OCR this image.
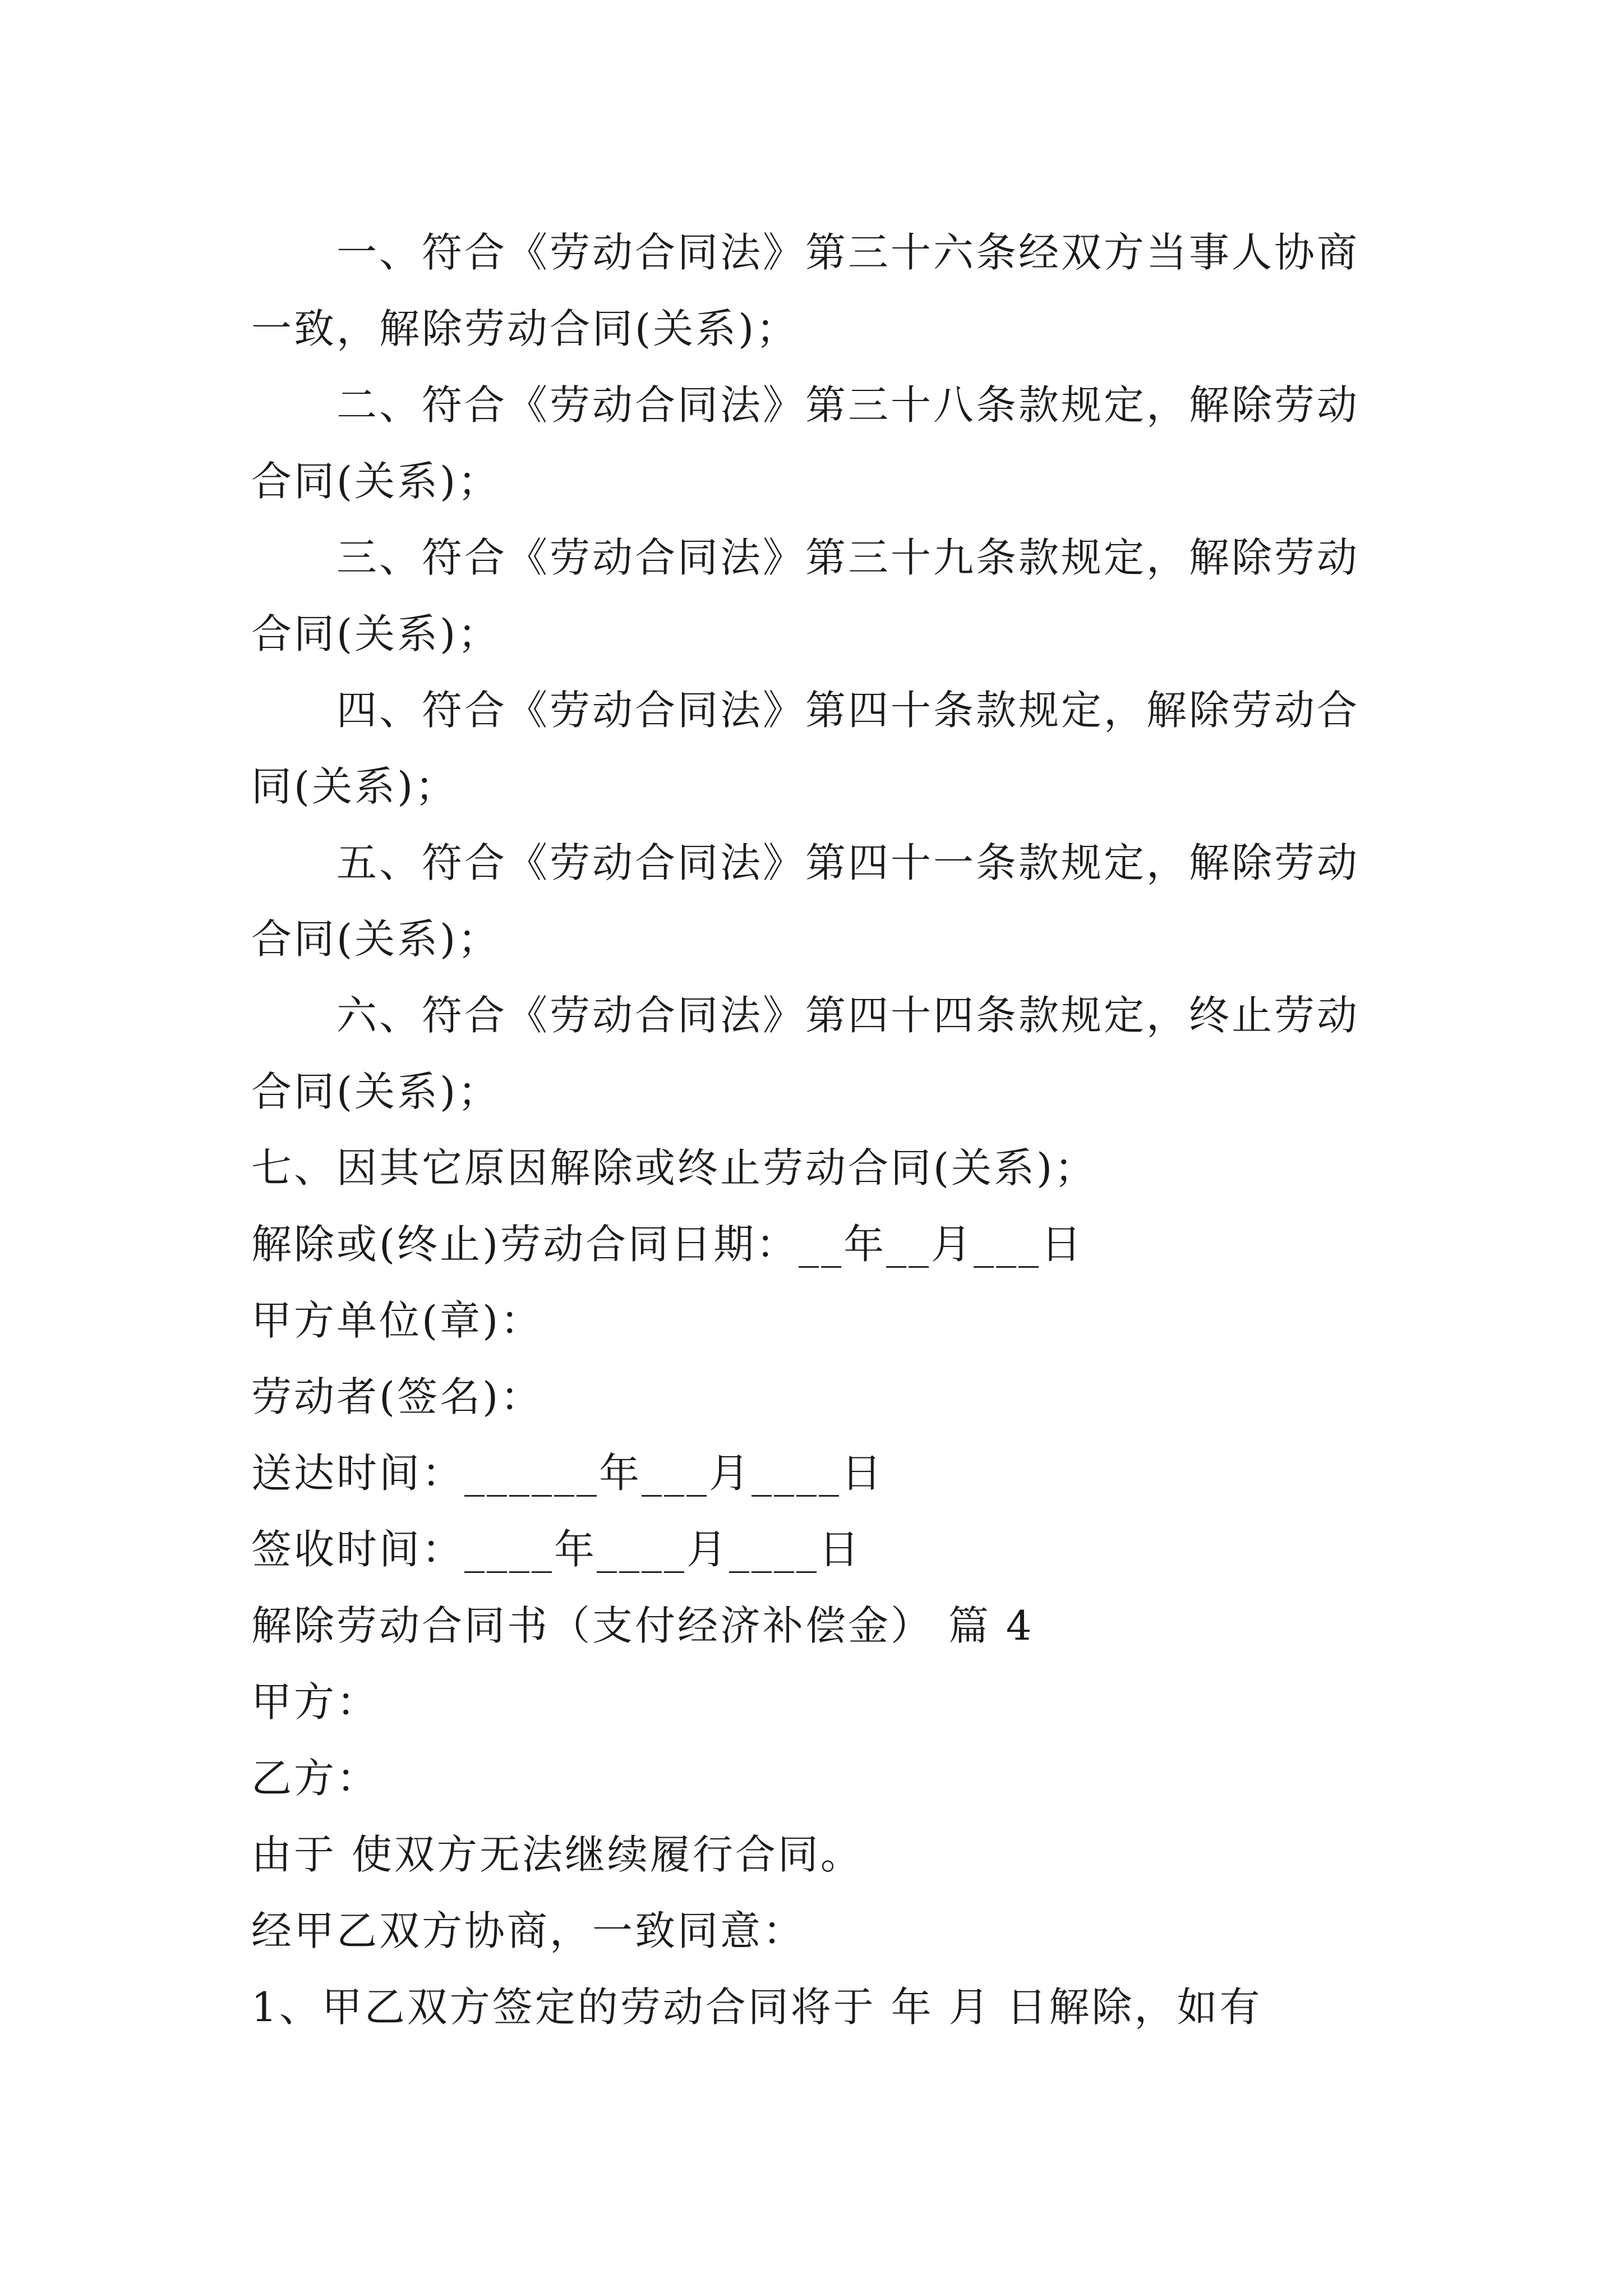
一、符合《劳动合同法》第三十六条经双方当事人协商一致，解除劳动合同(关系)；

二、符合《劳动合同法》第三十八条款规定，解除劳动合同(关系)；

三、符合《劳动合同法》第三十九条款规定，解除劳动合同(关系)；

四、符合《劳动合同法》第四十条款规定，解除劳动合同(关系)；

五、符合《劳动合同法》第四十一条款规定，解除劳动合同(关系)；

六、符合《劳动合同法》第四十四条款规定，终止劳动合同(关系)；

七、因其它原因解除或终止劳动合同(关系)；

解除或(终止)劳动合同日期：__年__月___日

甲方单位(章)：

劳动者(签名)：

送达时间：______年___月____日

签收时间：____年____月____日

解除劳动合同书（支付经济补偿金） 篇 4

甲方：

乙方：

由于 使双方无法继续履行合同。

经甲乙双方协商，一致同意：

1、甲乙双方签定的劳动合同将于 年 月 日解除，如有
